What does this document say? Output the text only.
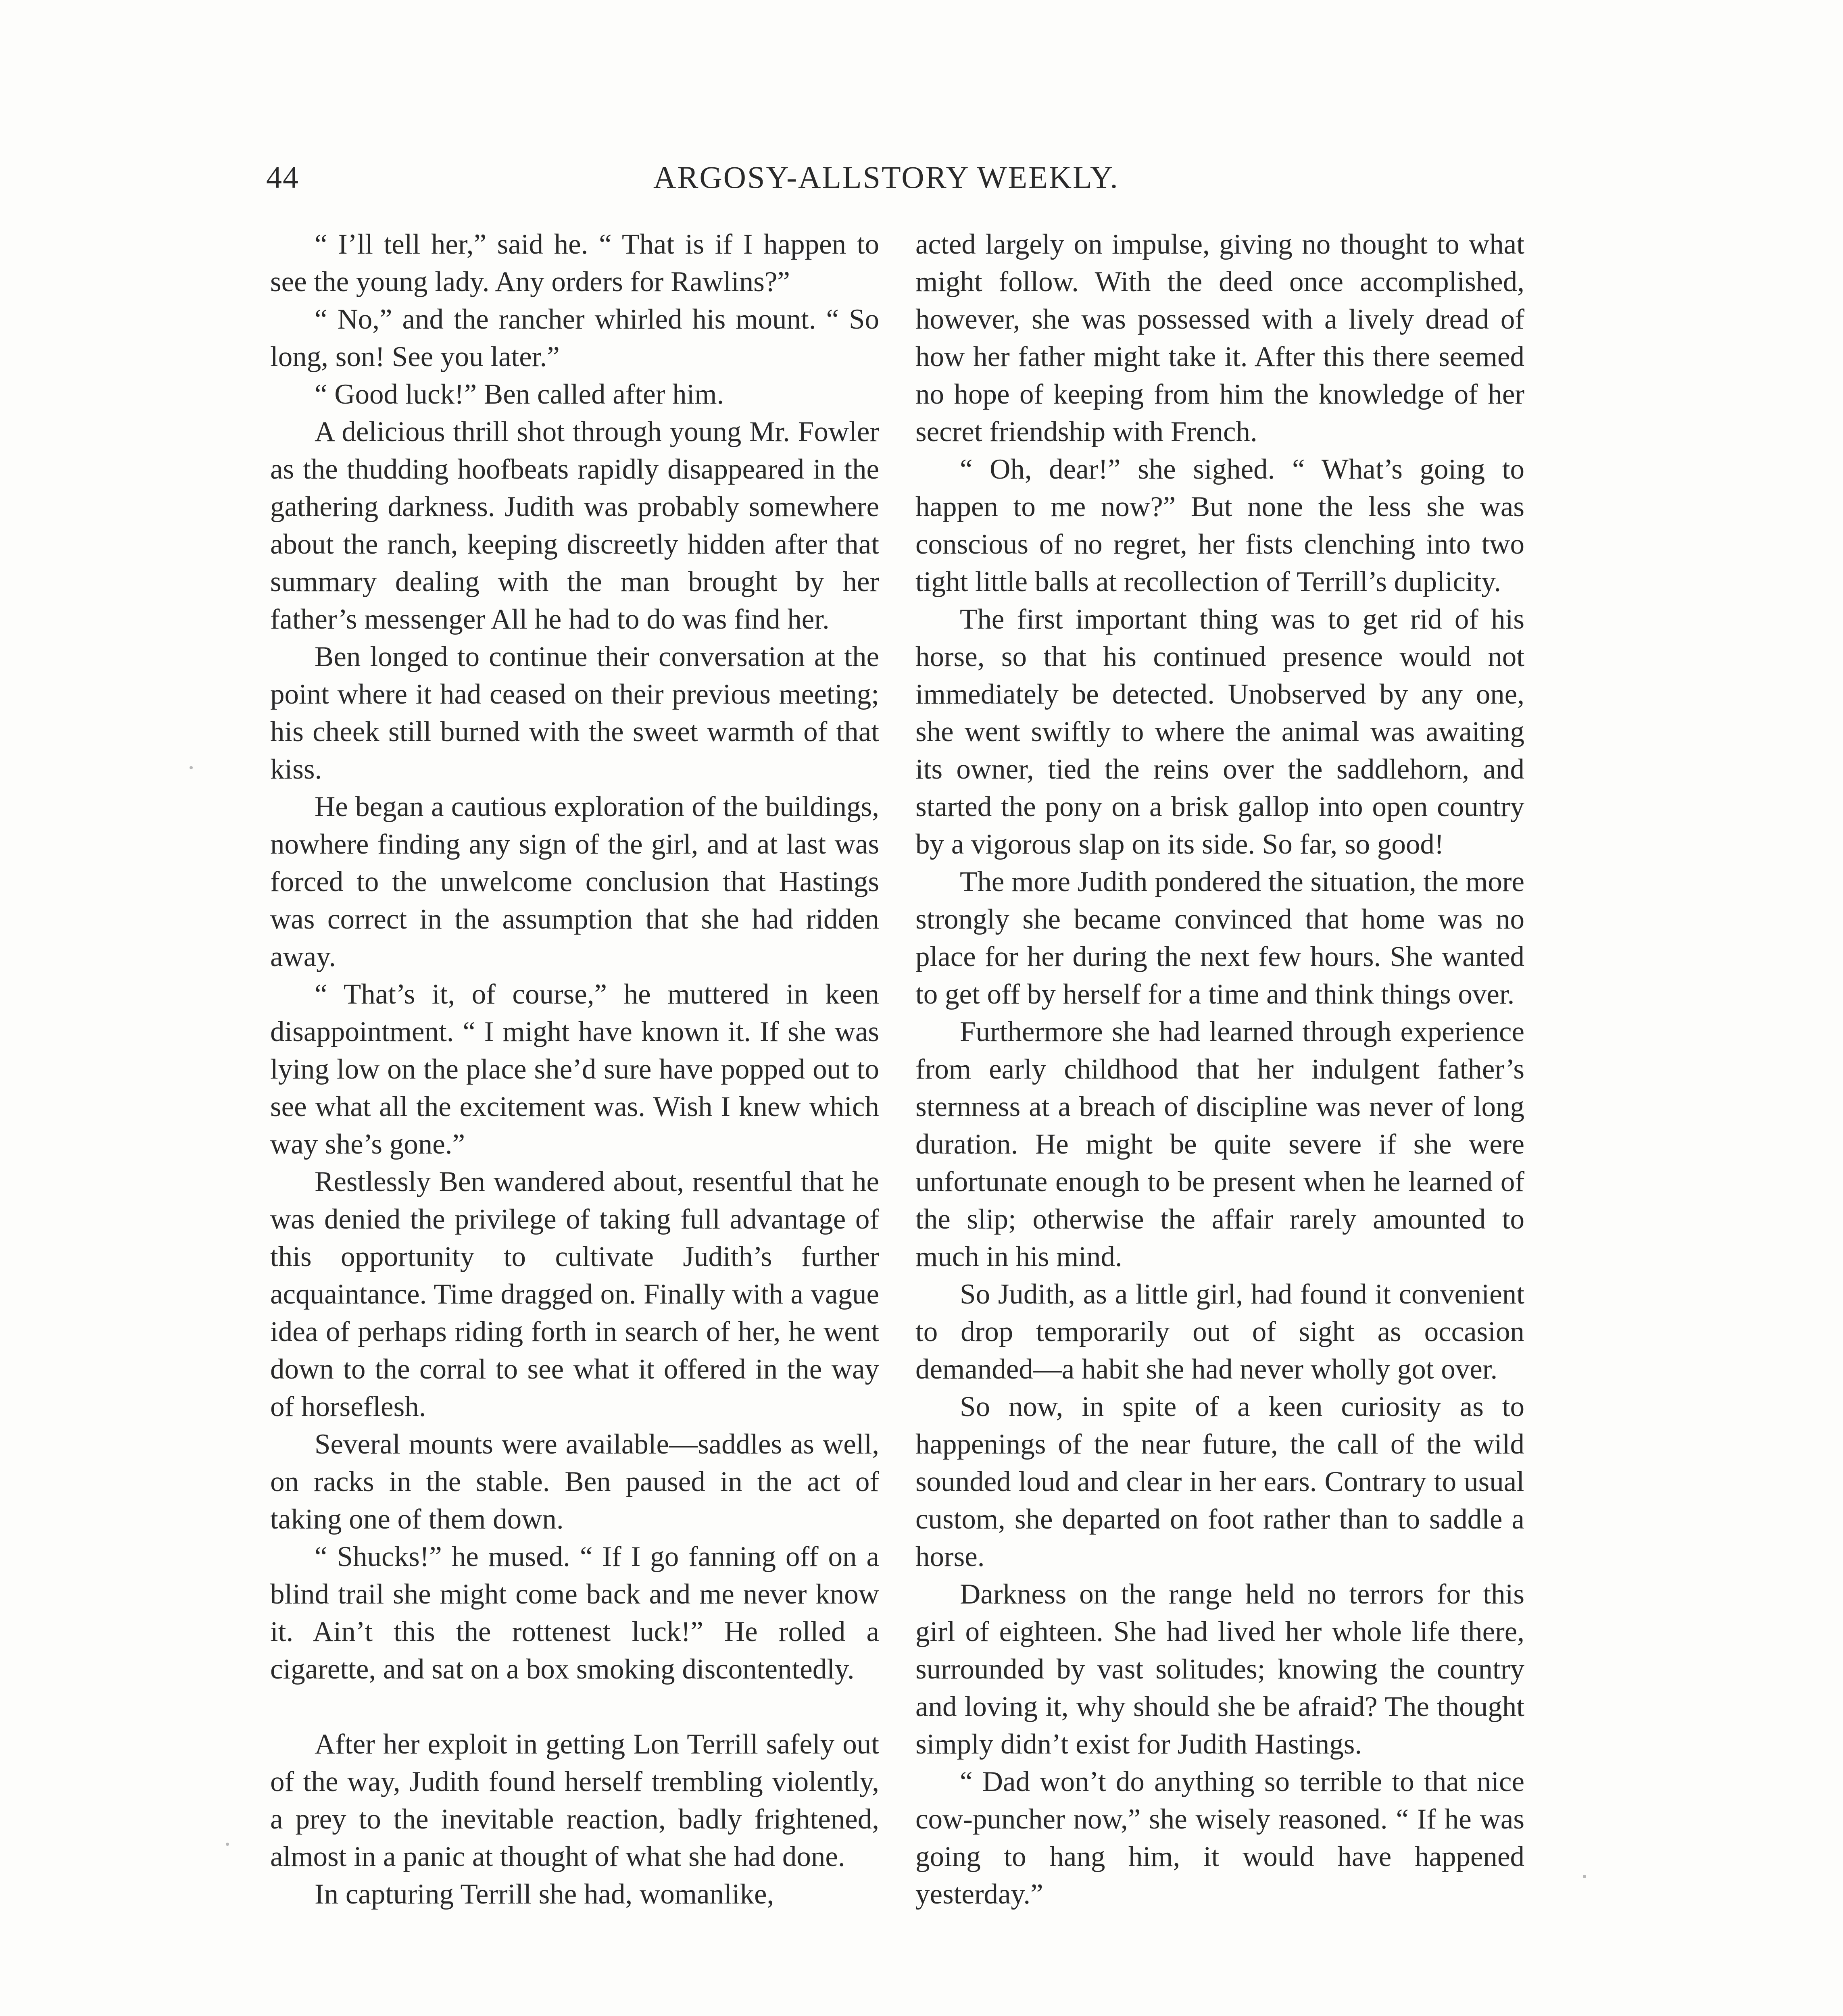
44	ARGOSY-ALLSTORY WEEKLY.

“ I’ll tell her,” said he. “ That is if I happen to see the young lady. Any orders for Rawlins?”

“ No,” and the rancher whirled his mount. “ So long, son! See you later.”

“ Good luck!” Ben called after him.

A delicious thrill shot through young Mr. Fowler as the thudding hoofbeats rapidly disappeared in the gathering darkness. Judith was probably somewhere about the ranch, keeping discreetly hidden after that summary dealing with the man brought by her father’s messenger All he had to do was find her.

Ben longed to continue their conversation at the point where it had ceased on their previous meeting; his cheek still burned with the sweet warmth of that kiss.

He began a cautious exploration of the buildings, nowhere finding any sign of the girl, and at last was forced to the unwelcome conclusion that Hastings was correct in the assumption that she had ridden away.

“ That’s it, of course,” he muttered in keen disappointment. “ I might have known it. If she was lying low on the place she’d sure have popped out to see what all the excitement was. Wish I knew which way she’s gone.”

Restlessly Ben wandered about, resentful that he was denied the privilege of taking full advantage of this opportunity to cultivate Judith’s further acquaintance. Time dragged on. Finally with a vague idea of perhaps riding forth in search of her, he went down to the corral to see what it offered in the way of horseflesh.

Several mounts were available—saddles as well, on racks in the stable. Ben paused in the act of taking one of them down.

“ Shucks!” he mused. “ If I go fanning off on a blind trail she might come back and me never know it. Ain’t this the rottenest luck!” He rolled a cigarette, and sat on a box smoking discontentedly.

After her exploit in getting Lon Terrill safely out of the way, Judith found herself trembling violently, a prey to the inevitable reaction, badly frightened, almost in a panic at thought of what she had done.

In capturing Terrill she had, womanlike,

acted largely on impulse, giving no thought to what might follow. With the deed once accomplished, however, she was possessed with a lively dread of how her father might take it. After this there seemed no hope of keeping from him the knowledge of her secret friendship with French.

“ Oh, dear!” she sighed. “ What’s going to happen to me now?” But none the less she was conscious of no regret, her fists clenching into two tight little balls at recollection of Terrill’s duplicity.

The first important thing was to get rid of his horse, so that his continued presence would not immediately be detected. Unobserved by any one, she went swiftly to where the animal was awaiting its owner, tied the reins over the saddlehorn, and started the pony on a brisk gallop into open country by a vigorous slap on its side. So far, so good!

The more Judith pondered the situation, the more strongly she became convinced that home was no place for her during the next few hours. She wanted to get off by herself for a time and think things over.

Furthermore she had learned through experience from early childhood that her indulgent father’s sternness at a breach of discipline was never of long duration. He might be quite severe if she were unfortunate enough to be present when he learned of the slip; otherwise the affair rarely amounted to much in his mind.

So Judith, as a little girl, had found it convenient to drop temporarily out of sight as occasion demanded—a habit she had never wholly got over.

So now, in spite of a keen curiosity as to happenings of the near future, the call of the wild sounded loud and clear in her ears. Contrary to usual custom, she departed on foot rather than to saddle a horse.

Darkness on the range held no terrors for this girl of eighteen. She had lived her whole life there, surrounded by vast solitudes; knowing the country and loving it, why should she be afraid? The thought simply didn’t exist for Judith Hastings.

“ Dad won’t do anything so terrible to that nice cow-puncher now,” she wisely reasoned. “ If he was going to hang him, it would have happened yesterday.”
